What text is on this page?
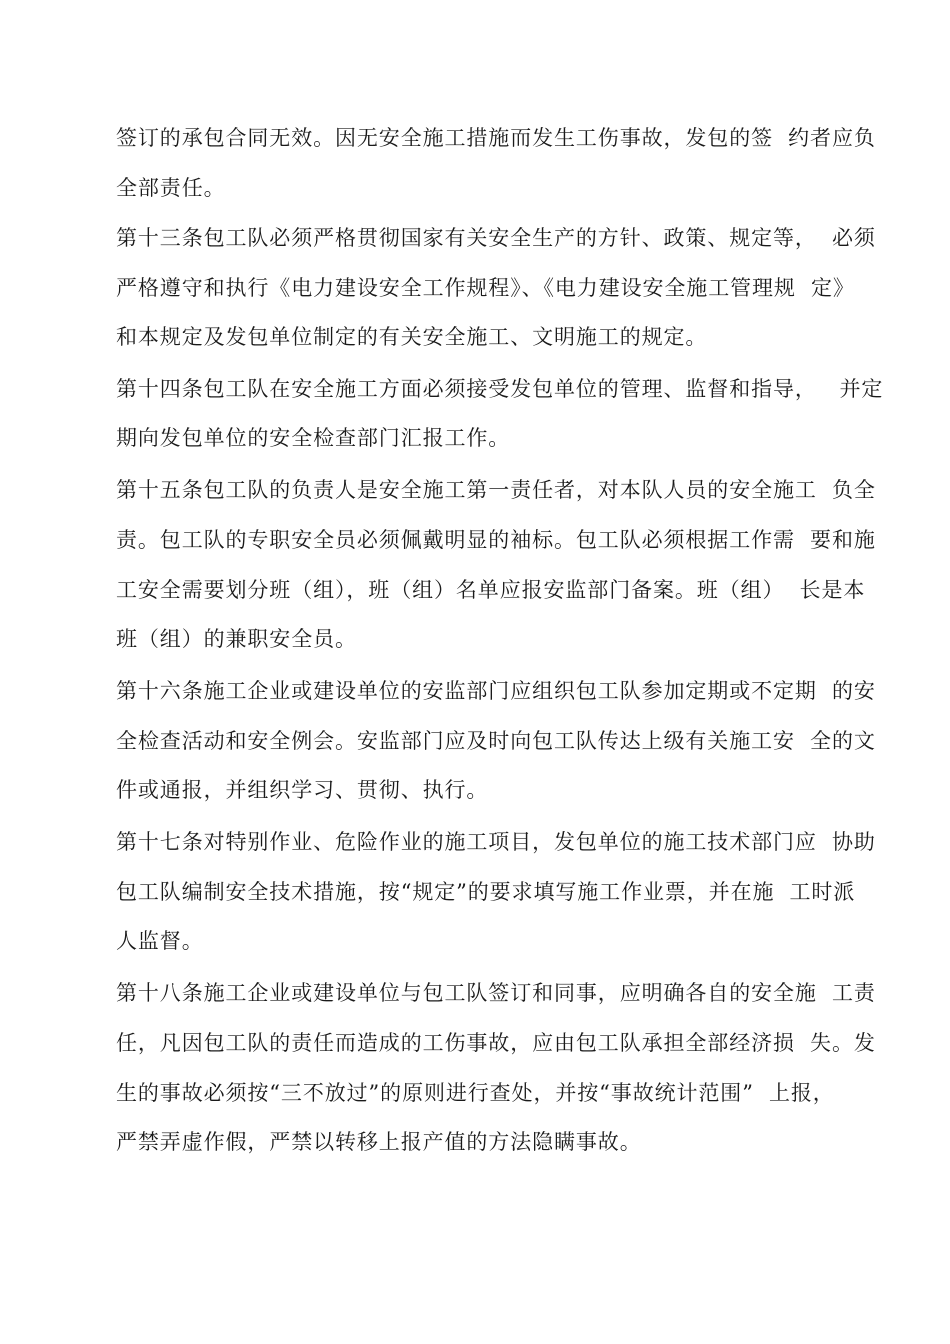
签订的承包合同无效。因无安全施工措施而发生工伤事故，发包的签  约者应负

全部责任。

第十三条包工队必须严格贯彻国家有关安全生产的方针、政策、规定等，  必须

严格遵守和执行《电力建设安全工作规程》、《电力建设安全施工管理规  定》

和本规定及发包单位制定的有关安全施工、文明施工的规定。

第十四条包工队在安全施工方面必须接受发包单位的管理、监督和指导，   并定

期向发包单位的安全检查部门汇报工作。

第十五条包工队的负责人是安全施工第一责任者，对本队人员的安全施工  负全

责。包工队的专职安全员必须佩戴明显的袖标。包工队必须根据工作需  要和施

工安全需要划分班（组），班（组）名单应报安监部门备案。班（组）  长是本

班（组）的兼职安全员。

第十六条施工企业或建设单位的安监部门应组织包工队参加定期或不定期  的安

全检查活动和安全例会。安监部门应及时向包工队传达上级有关施工安  全的文

件或通报，并组织学习、贯彻、执行。

第十七条对特别作业、危险作业的施工项目，发包单位的施工技术部门应  协助

包工队编制安全技术措施，按“规定”的要求填写施工作业票，并在施  工时派

人监督。

第十八条施工企业或建设单位与包工队签订和同事，应明确各自的安全施  工责

任，凡因包工队的责任而造成的工伤事故，应由包工队承担全部经济损  失。发

生的事故必须按“三不放过”的原则进行查处，并按“事故统计范围”  上报，

严禁弄虚作假，严禁以转移上报产值的方法隐瞒事故。
